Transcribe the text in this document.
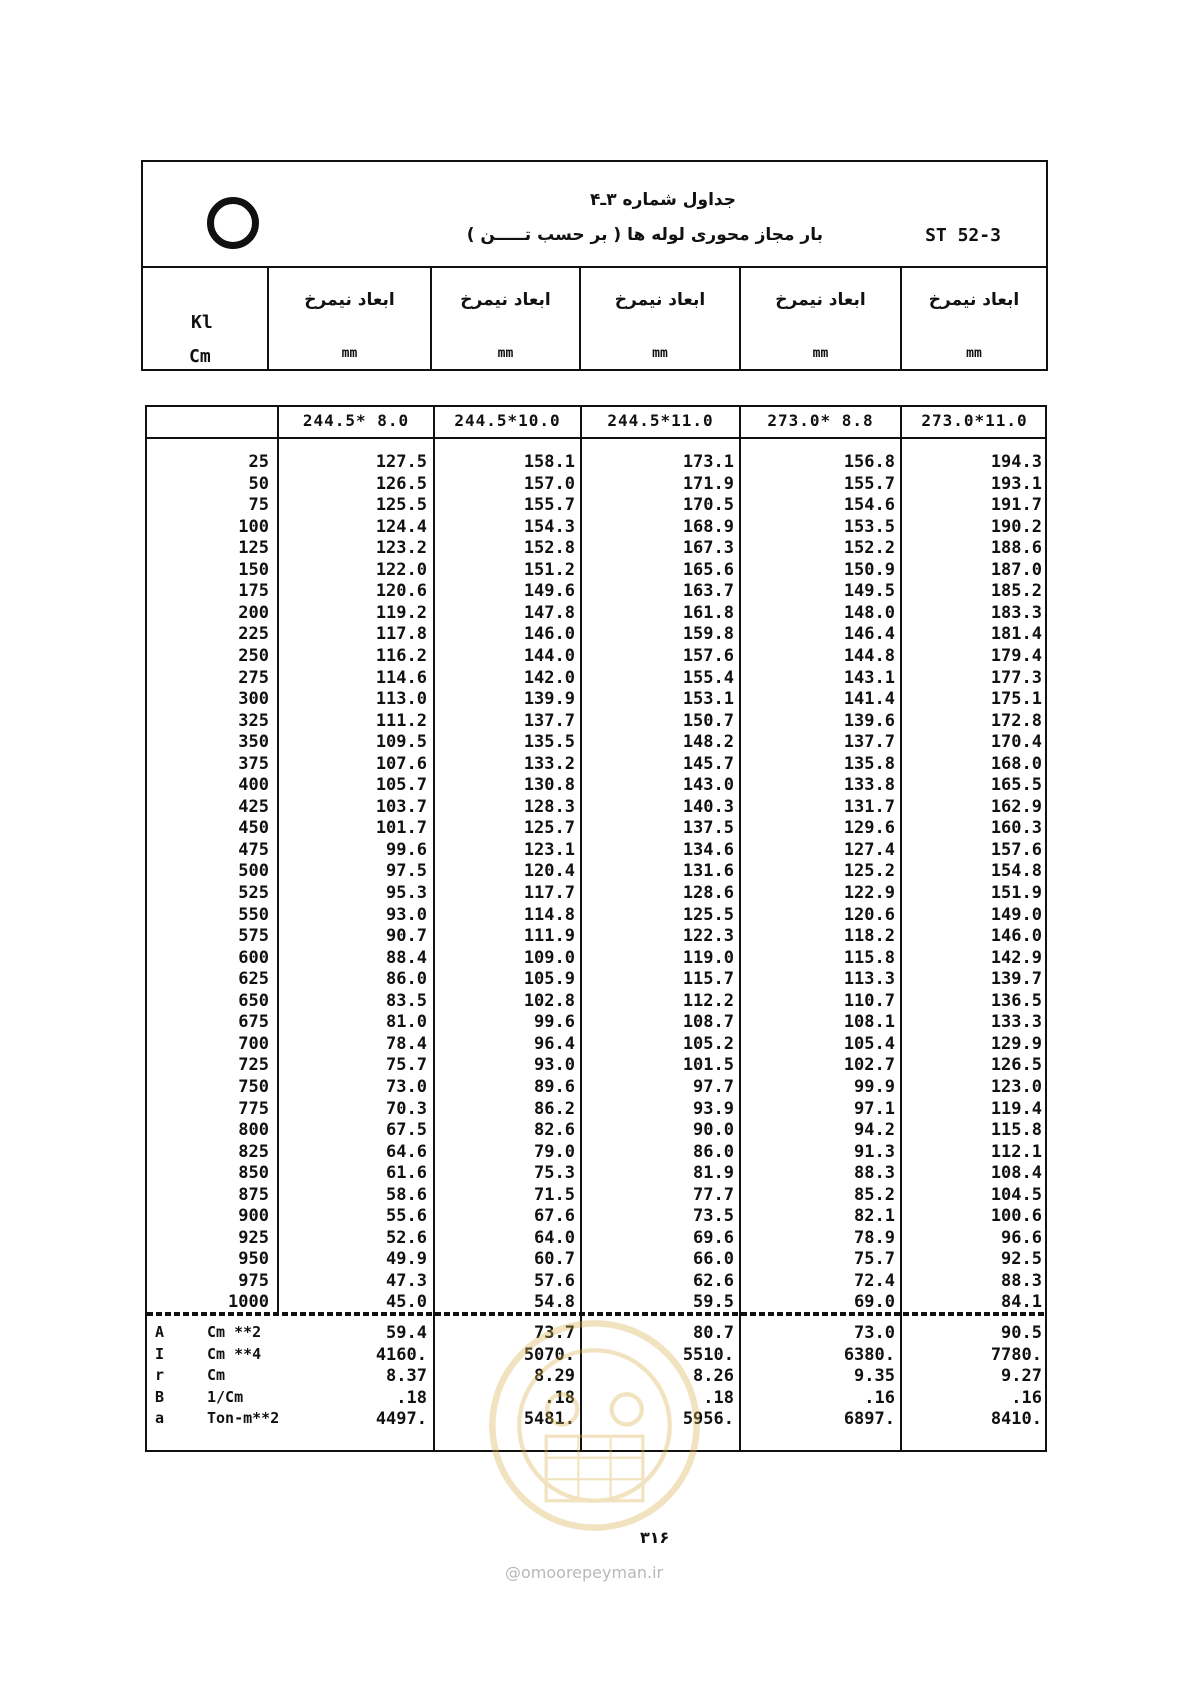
جداول شماره ۳ـ۴
بار مجاز محوری لوله ها ( بر حسب تـــــن )	ST 52-3
Kl
Cm
ابعاد نیمرخ	ابعاد نیمرخ	ابعاد نیمرخ	ابعاد نیمرخ	ابعاد نیمرخ
mm	mm	mm	mm	mm
244.5* 8.0	244.5*10.0	244.5*11.0	273.0* 8.8	273.0*11.0
25	127.5	158.1	173.1	156.8	194.3
50	126.5	157.0	171.9	155.7	193.1
75	125.5	155.7	170.5	154.6	191.7
100	124.4	154.3	168.9	153.5	190.2
125	123.2	152.8	167.3	152.2	188.6
150	122.0	151.2	165.6	150.9	187.0
175	120.6	149.6	163.7	149.5	185.2
200	119.2	147.8	161.8	148.0	183.3
225	117.8	146.0	159.8	146.4	181.4
250	116.2	144.0	157.6	144.8	179.4
275	114.6	142.0	155.4	143.1	177.3
300	113.0	139.9	153.1	141.4	175.1
325	111.2	137.7	150.7	139.6	172.8
350	109.5	135.5	148.2	137.7	170.4
375	107.6	133.2	145.7	135.8	168.0
400	105.7	130.8	143.0	133.8	165.5
425	103.7	128.3	140.3	131.7	162.9
450	101.7	125.7	137.5	129.6	160.3
475	99.6	123.1	134.6	127.4	157.6
500	97.5	120.4	131.6	125.2	154.8
525	95.3	117.7	128.6	122.9	151.9
550	93.0	114.8	125.5	120.6	149.0
575	90.7	111.9	122.3	118.2	146.0
600	88.4	109.0	119.0	115.8	142.9
625	86.0	105.9	115.7	113.3	139.7
650	83.5	102.8	112.2	110.7	136.5
675	81.0	99.6	108.7	108.1	133.3
700	78.4	96.4	105.2	105.4	129.9
725	75.7	93.0	101.5	102.7	126.5
750	73.0	89.6	97.7	99.9	123.0
775	70.3	86.2	93.9	97.1	119.4
800	67.5	82.6	90.0	94.2	115.8
825	64.6	79.0	86.0	91.3	112.1
850	61.6	75.3	81.9	88.3	108.4
875	58.6	71.5	77.7	85.2	104.5
900	55.6	67.6	73.5	82.1	100.6
925	52.6	64.0	69.6	78.9	96.6
950	49.9	60.7	66.0	75.7	92.5
975	47.3	57.6	62.6	72.4	88.3
1000	45.0	54.8	59.5	69.0	84.1
A	Cm **2	59.4	73.7	80.7	73.0	90.5
I	Cm **4	4160.	5070.	5510.	6380.	7780.
r	Cm	8.37	8.29	8.26	9.35	9.27
B	1/Cm	.18	.18	.18	.16	.16
a	Ton-m**2	4497.	5481.	5956.	6897.	8410.
۳۱۶
@omoorepeyman.ir
